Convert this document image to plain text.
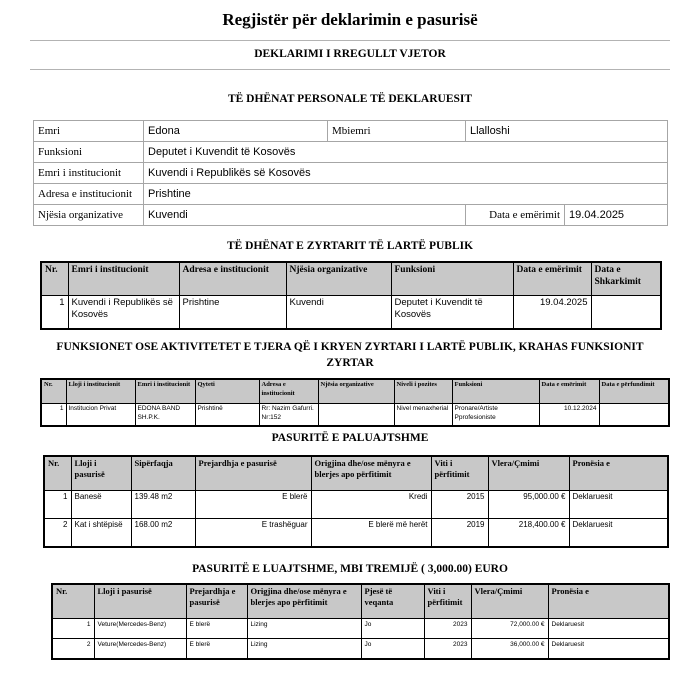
Regjistër për deklarimin e pasurisë
DEKLARIMI I RREGULLT VJETOR
TË DHËNAT PERSONALE TË DEKLARUESIT
Emri	Edona	Mbiemri	Llalloshi	
Funksioni	Deputet i Kuvendit të Kosovës			
Emri i institucionit	Kuvendi i Republikës së Kosovës			
Adresa e institucionit	Prishtine			
Njësia organizative	Kuvendi		Data e emërimit	19.04.2025
TË DHËNAT E ZYRTARIT TË LARTË PUBLIK
Nr.	Emri i institucionit	Adresa e institucionit	Njësia organizative	Funksioni	Data e emërimit	Data e Shkarkimit
1	Kuvendi i Republikës së Kosovës	Prishtine	Kuvendi	Deputet i Kuvendit të Kosovës	19.04.2025	
FUNKSIONET OSE AKTIVITETET E TJERA QË I KRYEN ZYRTARI I LARTË PUBLIK, KRAHAS FUNKSIONIT ZYRTAR
Nr.	Lloji i institucionit	Emri i institucionit	Qyteti	Adresa e institucionit	Njësia organizative	Niveli i pozites	Funksioni	Data e emërimit	Data e përfundimit
1	Institucion Privat	EDONA BAND SH.P.K.	Prishtinë	Rr: Nazim Gafurri. Nr:152		Nivel menaxherial	Pronare/Artiste Pprofesioniste	10.12.2024	
PASURITË E PALUAJTSHME
Nr.	Lloji i pasurisë	Sipërfaqja	Prejardhja e pasurisë	Origjina dhe/ose mënyra e blerjes apo përfitimit	Viti i përfitimit	Vlera/Çmimi	Pronësia e
1	Banesë	139.48 m2	E blerë	Kredi	2015	95,000.00 €	Deklaruesit
2	Kat i shtëpisë	168.00 m2	E trashëguar	E blerë më herët	2019	218,400.00 €	Deklaruesit
PASURITË E LUAJTSHME, MBI TREMIJË ( 3,000.00) EURO
Nr.	Lloji i pasurisë	Prejardhja e pasurisë	Origjina dhe/ose mënyra e blerjes apo përfitimit	Pjesë të veqanta	Viti i përfitimit	Vlera/Çmimi	Pronësia e
1	Veture(Mercedes-Benz)	E blerë	Lizing	Jo	2023	72,000.00 €	Deklaruesit
2	Veture(Mercedes-Benz)	E blerë	Lizing	Jo	2023	36,000.00 €	Deklaruesit
